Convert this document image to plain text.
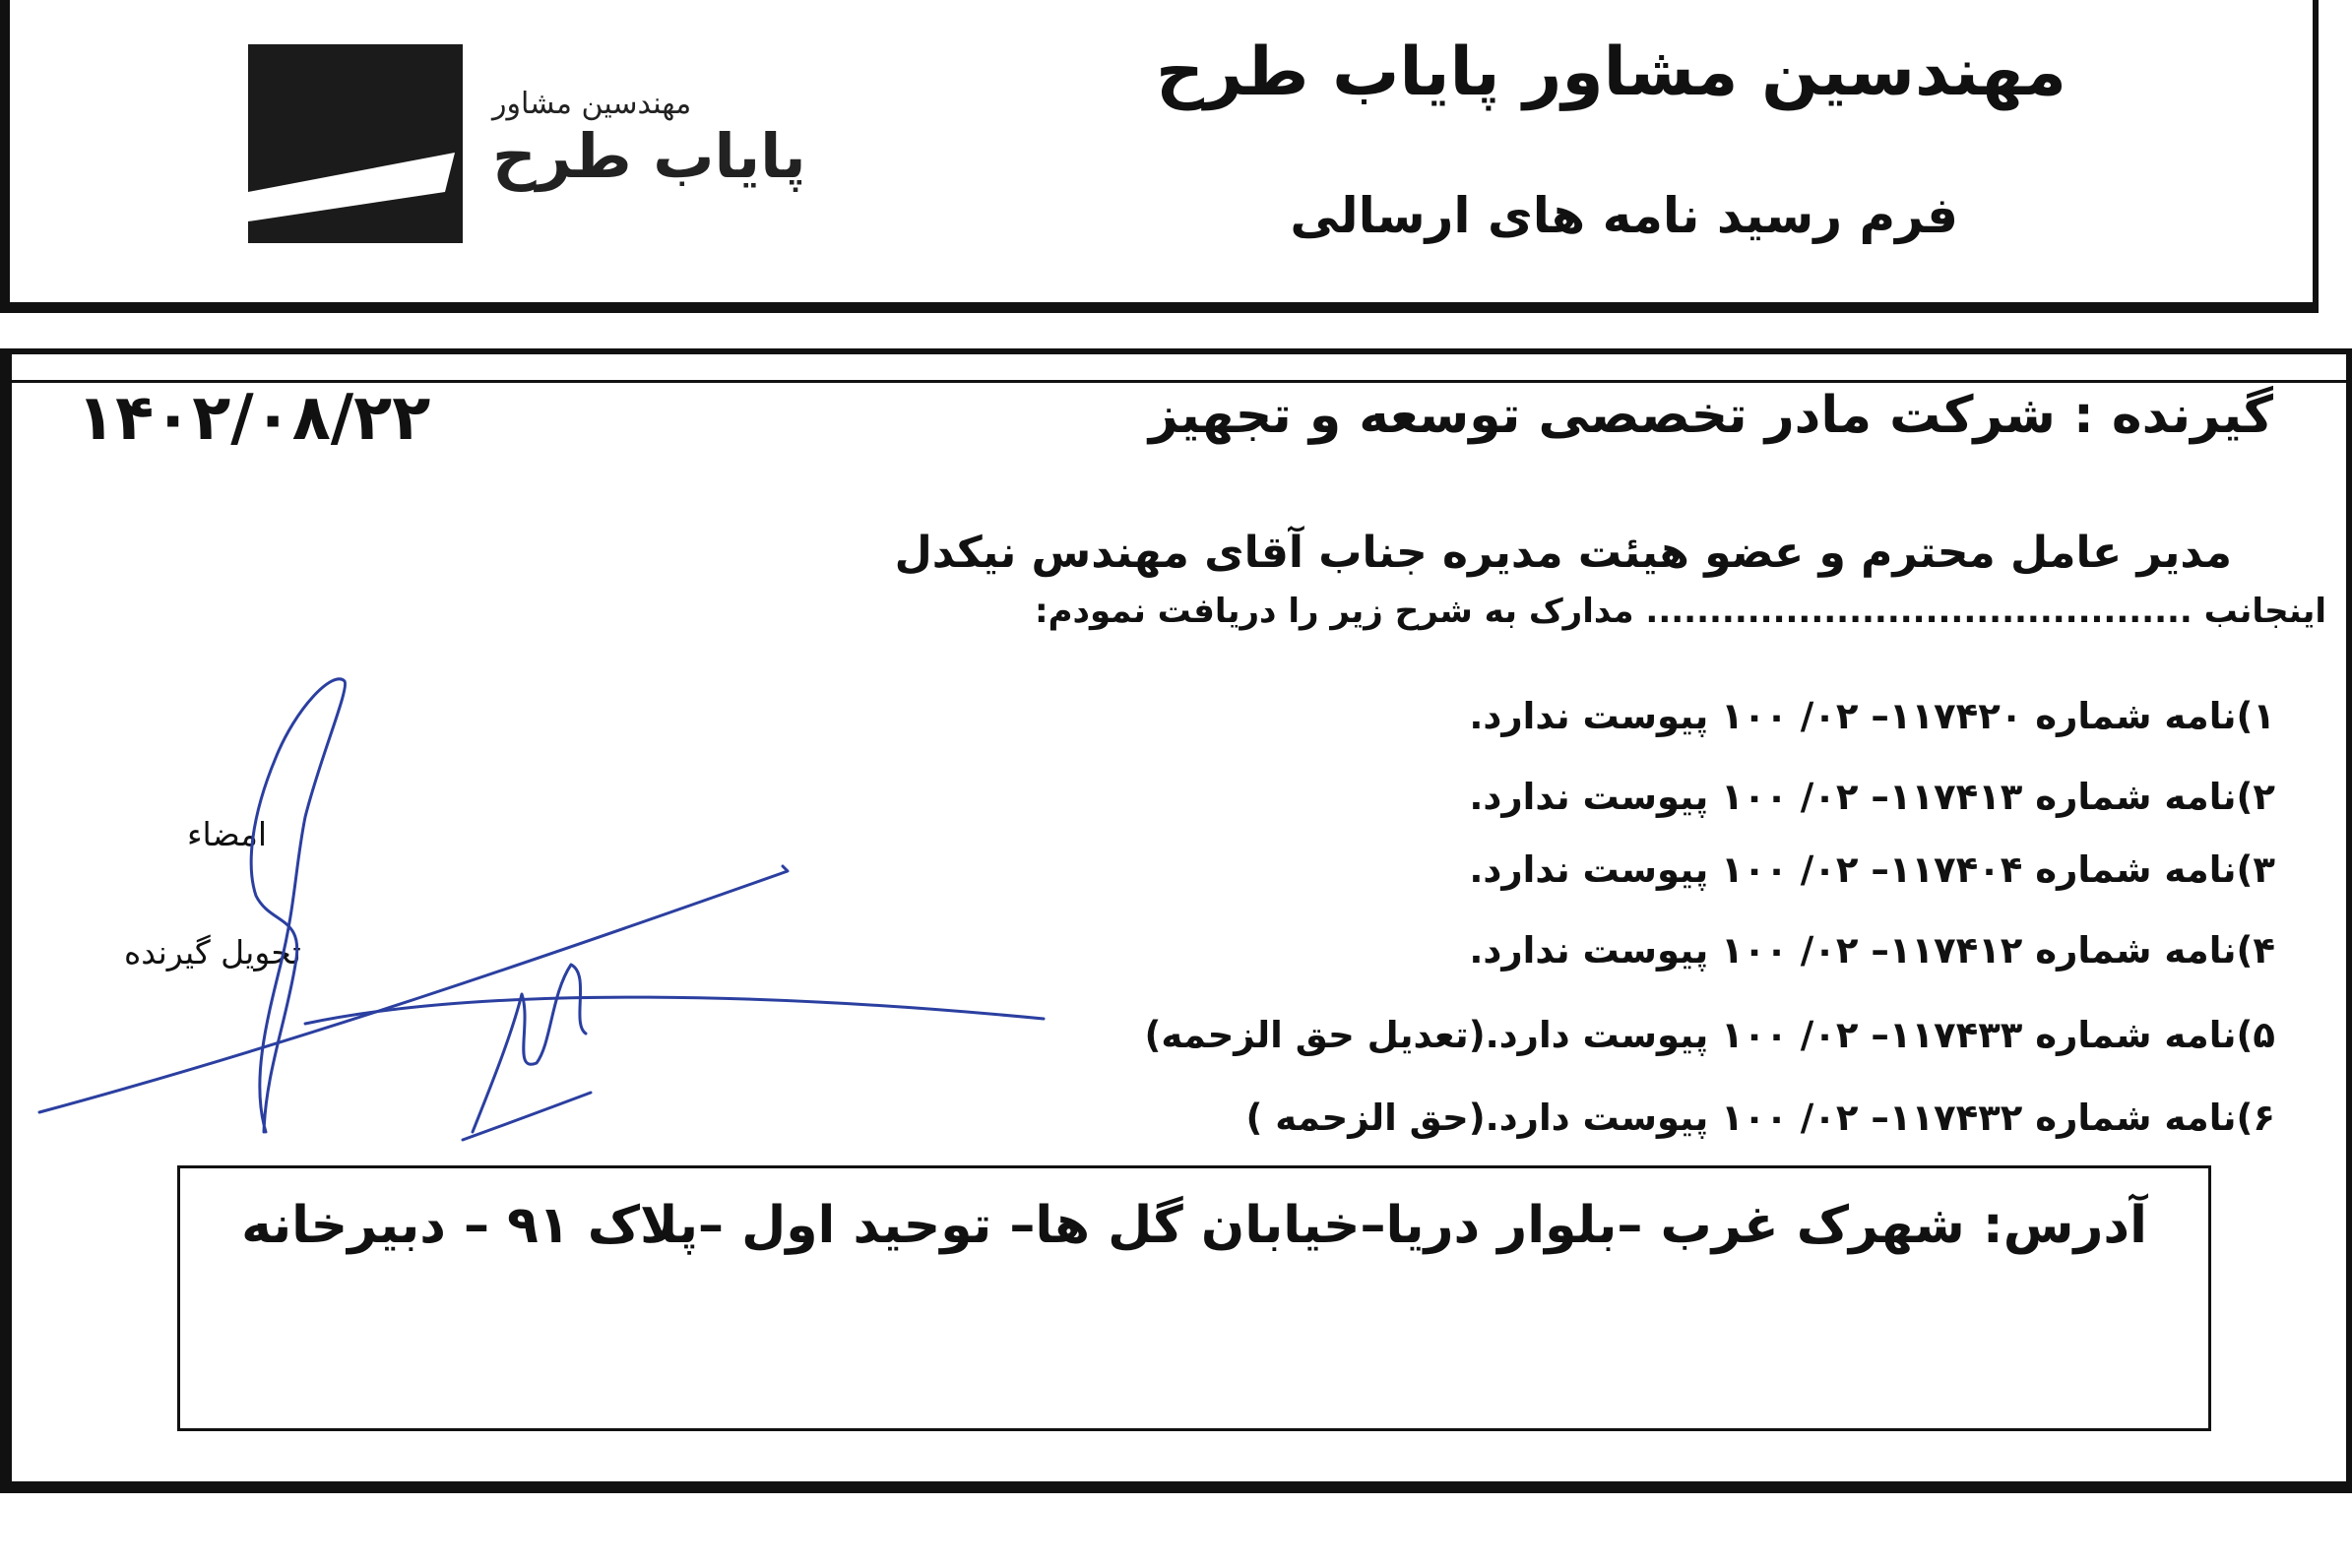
مهندسین مشاور پایاب طرح
فرم رسید نامه های ارسالی
مهندسین مشاور
پایاب طرح
گیرنده : شرکت مادر تخصصی توسعه و تجهیز
۱۴۰۲/۰۸/۲۲
مدیر عامل محترم و عضو هیئت مدیره جناب آقای مهندس نیکدل
اینجانب ........................................... مدارک به شرح زیر را دریافت نمودم:
۱)نامه شماره ۱۱۷۴۲۰– ۰۲/ ۱۰۰ پیوست ندارد.
۲)نامه شماره ۱۱۷۴۱۳– ۰۲/ ۱۰۰ پیوست ندارد.
۳)نامه شماره ۱۱۷۴۰۴– ۰۲/ ۱۰۰ پیوست ندارد.
۴)نامه شماره ۱۱۷۴۱۲– ۰۲/ ۱۰۰ پیوست ندارد.
۵)نامه شماره ۱۱۷۴۳۳– ۰۲/ ۱۰۰ پیوست دارد.(تعدیل حق الزحمه)
۶)نامه شماره ۱۱۷۴۳۲– ۰۲/ ۱۰۰ پیوست دارد.(حق الزحمه )
امضاء
تحویل گیرنده
آدرس: شهرک غرب –بلوار دریا–خیابان گل ها– توحید اول –پلاک ۹۱ – دبیرخانه
